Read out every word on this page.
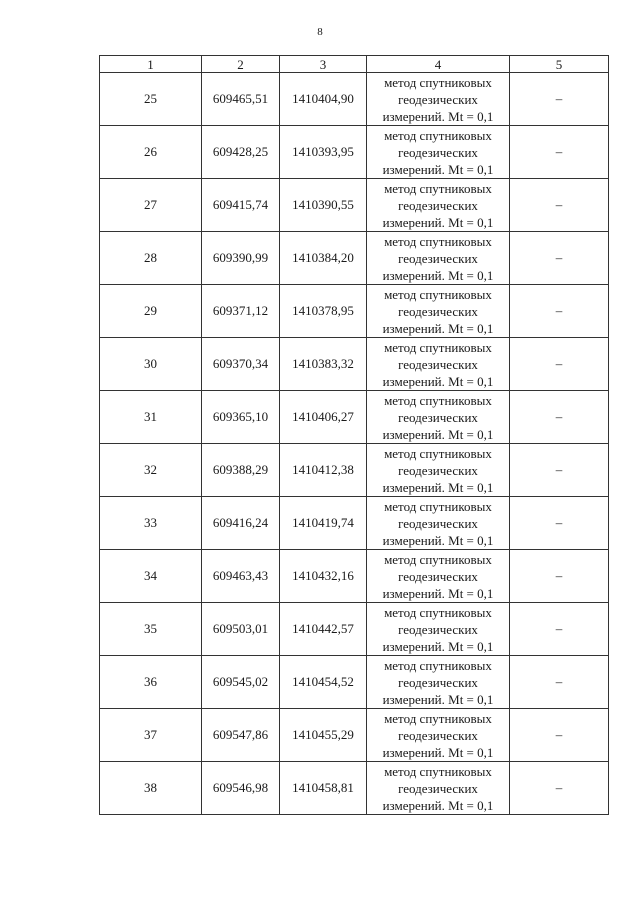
8
1	2	3	4	5
25	609465,51	1410404,90	метод спутниковых
геодезических
измерений. Mt = 0,1	–
26	609428,25	1410393,95	метод спутниковых
геодезических
измерений. Mt = 0,1	–
27	609415,74	1410390,55	метод спутниковых
геодезических
измерений. Mt = 0,1	–
28	609390,99	1410384,20	метод спутниковых
геодезических
измерений. Mt = 0,1	–
29	609371,12	1410378,95	метод спутниковых
геодезических
измерений. Mt = 0,1	–
30	609370,34	1410383,32	метод спутниковых
геодезических
измерений. Mt = 0,1	–
31	609365,10	1410406,27	метод спутниковых
геодезических
измерений. Mt = 0,1	–
32	609388,29	1410412,38	метод спутниковых
геодезических
измерений. Mt = 0,1	–
33	609416,24	1410419,74	метод спутниковых
геодезических
измерений. Mt = 0,1	–
34	609463,43	1410432,16	метод спутниковых
геодезических
измерений. Mt = 0,1	–
35	609503,01	1410442,57	метод спутниковых
геодезических
измерений. Mt = 0,1	–
36	609545,02	1410454,52	метод спутниковых
геодезических
измерений. Mt = 0,1	–
37	609547,86	1410455,29	метод спутниковых
геодезических
измерений. Mt = 0,1	–
38	609546,98	1410458,81	метод спутниковых
геодезических
измерений. Mt = 0,1	–
